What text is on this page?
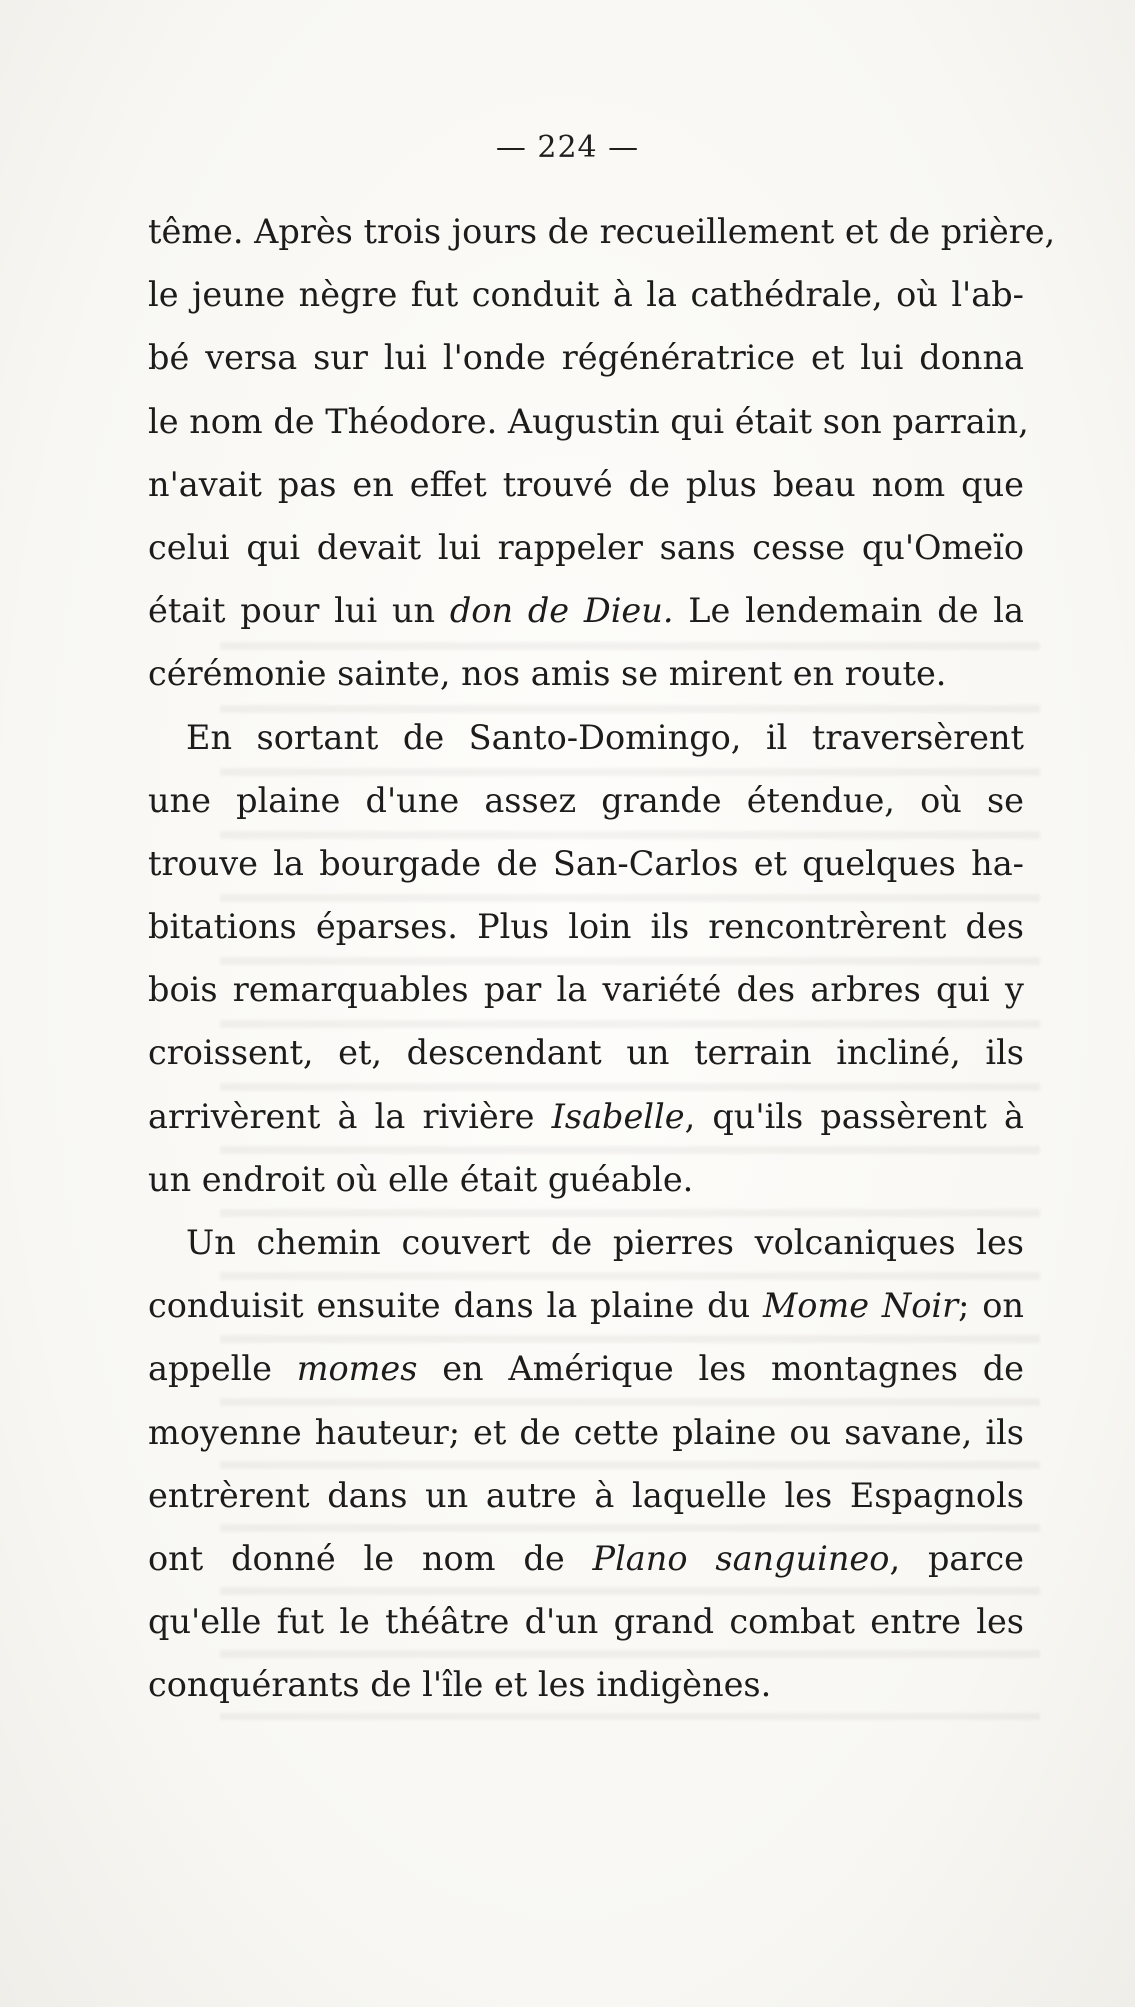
— 224 —
tême. Après trois jours de recueillement et de prière,
le jeune nègre fut conduit à la cathédrale, où l'ab-
bé versa sur lui l'onde régénératrice et lui donna
le nom de Théodore. Augustin qui était son parrain,
n'avait pas en effet trouvé de plus beau nom que
celui qui devait lui rappeler sans cesse qu'Omeïo
était pour lui un don de Dieu. Le lendemain de la
cérémonie sainte, nos amis se mirent en route.
En sortant de Santo-Domingo, il traversèrent
une plaine d'une assez grande étendue, où se
trouve la bourgade de San-Carlos et quelques ha-
bitations éparses. Plus loin ils rencontrèrent des
bois remarquables par la variété des arbres qui y
croissent, et, descendant un terrain incliné, ils
arrivèrent à la rivière Isabelle, qu'ils passèrent à
un endroit où elle était guéable.
Un chemin couvert de pierres volcaniques les
conduisit ensuite dans la plaine du Mome Noir; on
appelle momes en Amérique les montagnes de
moyenne hauteur; et de cette plaine ou savane, ils
entrèrent dans un autre à laquelle les Espagnols
ont donné le nom de Plano sanguineo, parce
qu'elle fut le théâtre d'un grand combat entre les
conquérants de l'île et les indigènes.
